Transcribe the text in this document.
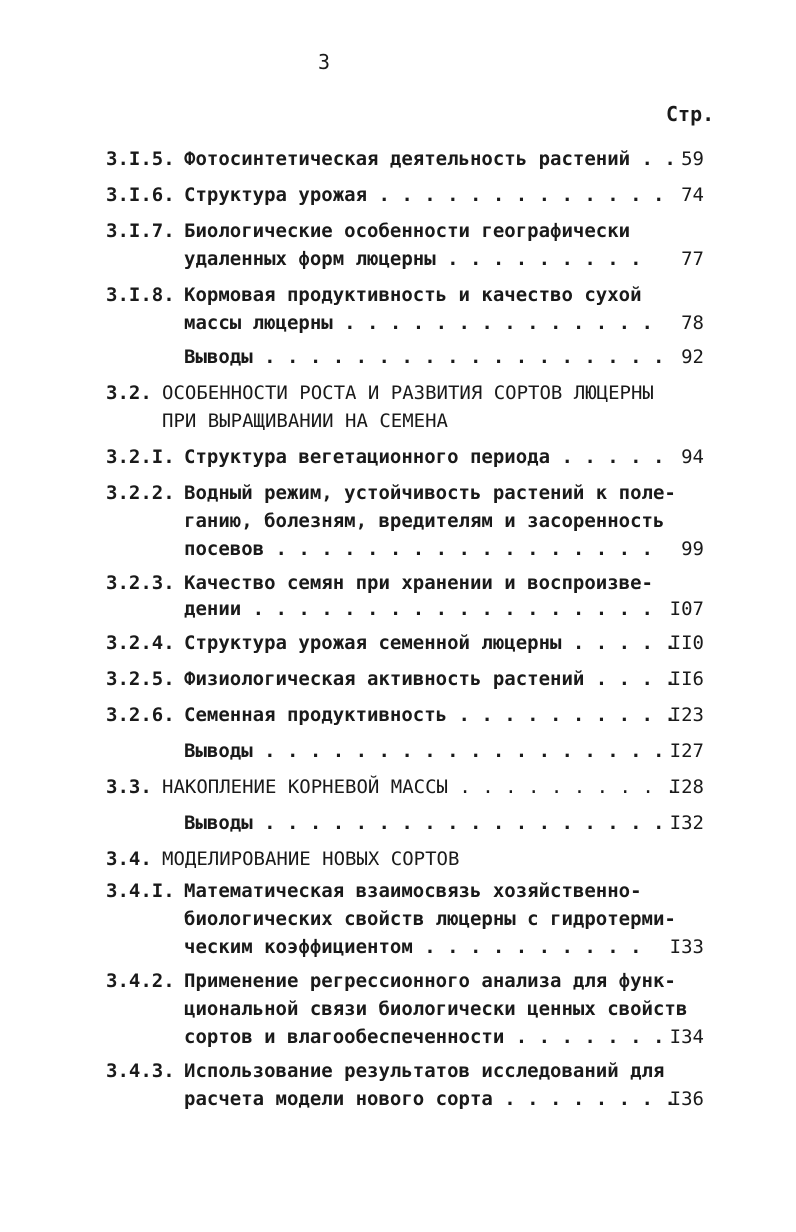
3
Стр.
3.I.5. Фотосинтетическая деятельность растений . . 59
3.I.6. Структура урожая . . . . . . . . . . . . . 74
3.I.7. Биологические особенности географически
удаленных форм люцерны . . . . . . . . . 77
3.I.8. Кормовая продуктивность и качество сухой
массы люцерны . . . . . . . . . . . . . . 78
Выводы . . . . . . . . . . . . . . . . . . 92
3.2. ОСОБЕННОСТИ РОСТА И РАЗВИТИЯ СОРТОВ ЛЮЦЕРНЫ
ПРИ ВЫРАЩИВАНИИ НА СЕМЕНА
3.2.I. Структура вегетационного периода . . . . . 94
3.2.2. Водный режим, устойчивость растений к поле-
ганию, болезням, вредителям и засоренность
посевов . . . . . . . . . . . . . . . . . 99
3.2.3. Качество семян при хранении и воспроизве-
дении . . . . . . . . . . . . . . . . . . I07
3.2.4. Структура урожая семенной люцерны . . . . .
II0
3.2.5. Физиологическая активность растений . . . .
II6
3.2.6. Семенная продуктивность . . . . . . . . . .
I23
Выводы . . . . . . . . . . . . . . . . . . I27
3.3. НАКОПЛЕНИЕ КОРНЕВОЙ МАССЫ . . . . . . . . . .
I28
Выводы . . . . . . . . . . . . . . . . . . I32
3.4. МОДЕЛИРОВАНИЕ НОВЫХ СОРТОВ
3.4.I. Математическая взаимосвязь хозяйственно-
биологических свойств люцерны с гидротерми-
ческим коэффициентом . . . . . . . . . . I33
3.4.2. Применение регрессионного анализа для функ-
циональной связи биологически ценных свойств
сортов и влагообеспеченности . . . . . . . I34
3.4.3. Использование результатов исследований для
расчета модели нового сорта . . . . . . . .
I36
